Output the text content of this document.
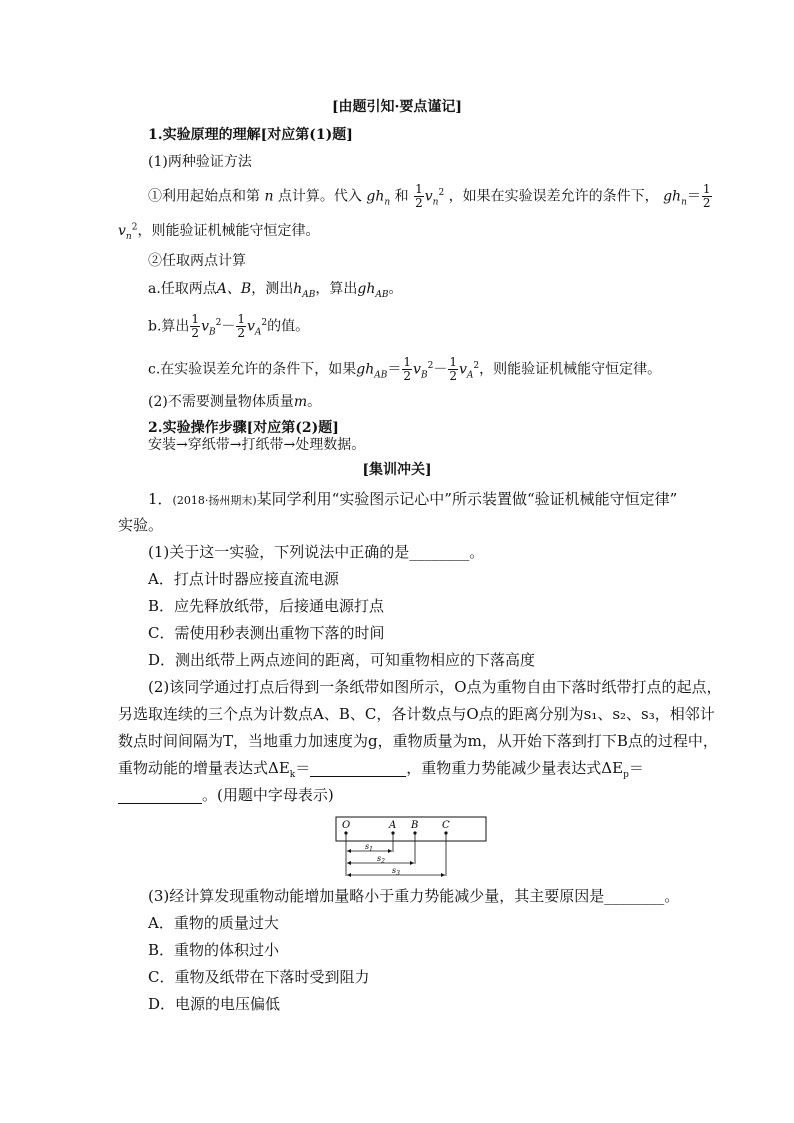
[由题引知·要点谨记]
1.实验原理的理解[对应第(1)题]
(1)两种验证方法
①利用起始点和第 n 点计算。代入 $gh_n$ 和 $\frac{1}{2} v_n^2$ ，如果在实验误差允许的条件下， $gh_n= \frac{1}{2}$
$v_n^2$，则能验证机械能守恒定律。
②任取两点计算
a.任取两点A、B，测出$h_{AB}$，算出$gh_{AB}$。
b.算出 $\frac{1}{2} v_B^2- \frac{1}{2} v_A^2$的值。
c.在实验误差允许的条件下，如果$gh_{AB}= \frac{1}{2} v_B^2- \frac{1}{2} v_A^2$，则能验证机械能守恒定律。
(2)不需要测量物体质量m。
2.实验操作步骤[对应第(2)题]
安装→穿纸带→打纸带→处理数据。
[集训冲关]
1．(2018·扬州期末)某同学利用“实验图示记心中”所示装置做“验证机械能守恒定律”
实验。
(1)关于这一实验，下列说法中正确的是________。
A．打点计时器应接直流电源
B．应先释放纸带，后接通电源打点
C．需使用秒表测出重物下落的时间
D．测出纸带上两点迹间的距离，可知重物相应的下落高度
(2)该同学通过打点后得到一条纸带如图所示，O点为重物自由下落时纸带打点的起点，
另选取连续的三个点为计数点A、B、C，各计数点与O点的距离分别为s₁、s₂、s₃，相邻计
数点时间间隔为T，当地重力加速度为g，重物质量为m，从开始下落到打下B点的过程中，
重物动能的增量表达式$\Delta E_k=$	，重物重力势能减少量表达式$\Delta E_p=$
。(用题中字母表示)
O	A B C
$s_1$
$s_2$
$s_3$
(3)经计算发现重物动能增加量略小于重力势能减少量，其主要原因是________。
A．重物的质量过大
B．重物的体积过小
C．重物及纸带在下落时受到阻力
D．电源的电压偏低
